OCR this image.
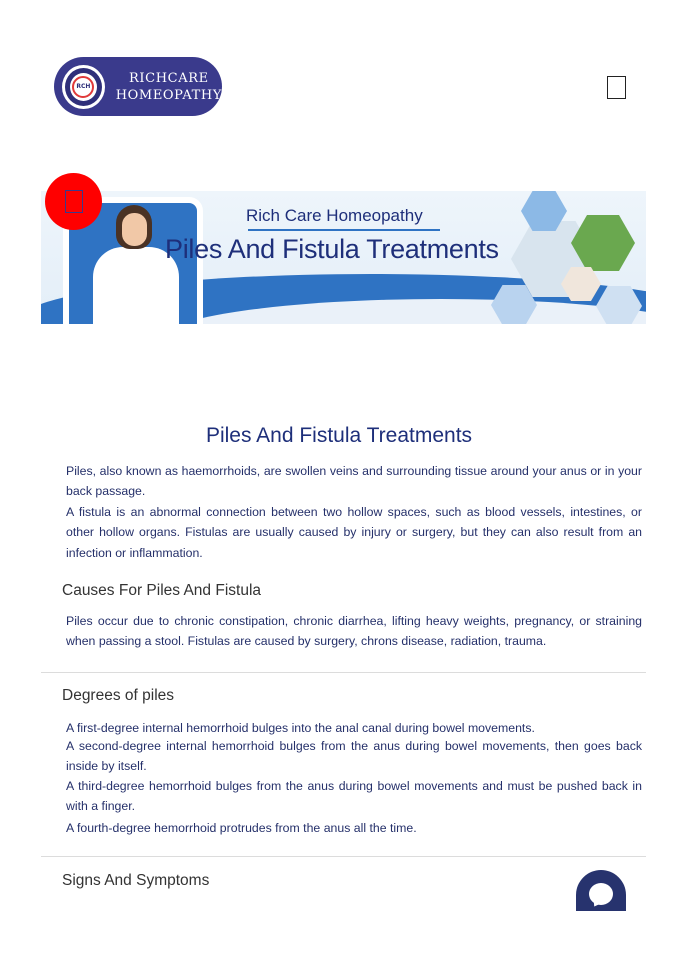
RCH
RICHCARE
HOMEOPATHY
Rich Care Homeopathy
Piles And Fistula Treatments
Piles And Fistula Treatments

Piles, also known as haemorrhoids, are swollen veins and surrounding tissue around your anus or in your back passage.

A fistula is an abnormal connection between two hollow spaces, such as blood vessels, intestines, or other hollow organs. Fistulas are usually caused by injury or surgery, but they can also result from an infection or inflammation.

Causes For Piles And Fistula

Piles occur due to chronic constipation, chronic diarrhea, lifting heavy weights, pregnancy, or straining when passing a stool. Fistulas are caused by surgery, chrons disease, radiation, trauma.

Degrees of piles

A first-degree internal hemorrhoid bulges into the anal canal during bowel movements.

A second-degree internal hemorrhoid bulges from the anus during bowel movements, then goes back inside by itself.

A third-degree hemorrhoid bulges from the anus during bowel movements and must be pushed back in with a finger.

A fourth-degree hemorrhoid protrudes from the anus all the time.

Signs And Symptoms
